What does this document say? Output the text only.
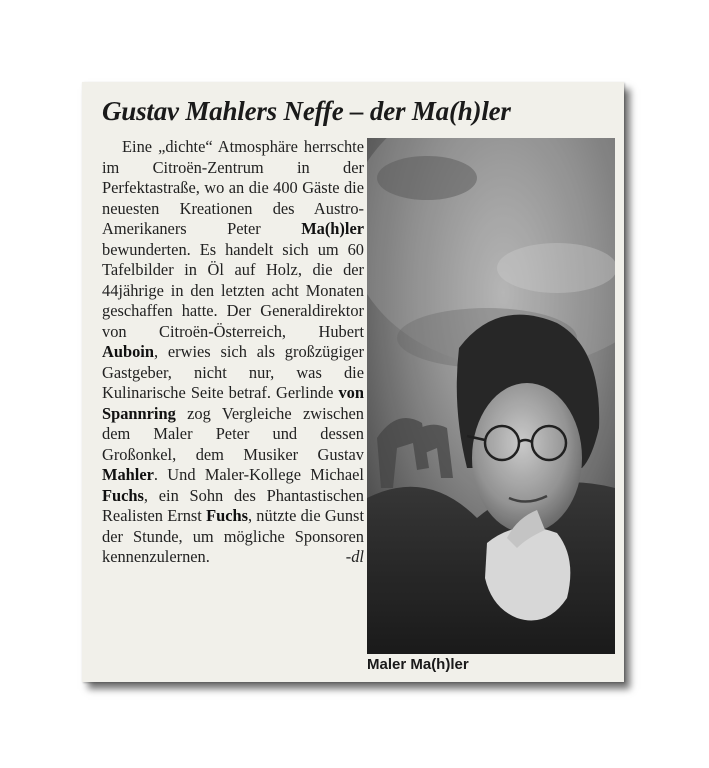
Gustav Mahlers Neffe – der Ma(h)ler

Eine „dichte“ Atmosphäre herrschte im Citroën-Zentrum in der Perfektastraße, wo an die 400 Gäste die neuesten Kreationen des Austro-Amerikaners Peter Ma(h)ler bewunderten. Es handelt sich um 60 Tafelbilder in Öl auf Holz, die der 44jährige in den letzten acht Monaten geschaffen hatte. Der Generaldirektor von Citroën-Österreich, Hubert Auboin, erwies sich als großzügiger Gastgeber, nicht nur, was die Kulinarische Seite betraf. Gerlinde von Spannring zog Vergleiche zwischen dem Maler Peter und dessen Großonkel, dem Musiker Gustav Mahler. Und Maler-Kollege Michael Fuchs, ein Sohn des Phantastischen Realisten Ernst Fuchs, nützte die Gunst der Stunde, um mögliche Sponsoren kennenzulernen.	-dl

Maler Ma(h)ler
